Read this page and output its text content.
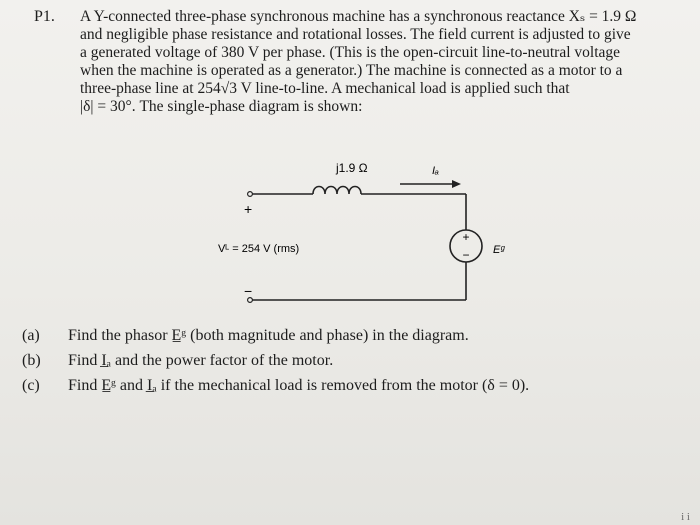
P1. A Y-connected three-phase synchronous machine has a synchronous reactance Xₛ = 1.9 Ω

and negligible phase resistance and rotational losses. The field current is adjusted to give

a generated voltage of 380 V per phase. (This is the open-circuit line-to-neutral voltage

when the machine is operated as a generator.) The machine is connected as a motor to a

three-phase line at 254√3 V line-to-line. A mechanical load is applied such that

|δ| = 30°. The single-phase diagram is shown:

+
−
j1.9 Ω	Iₐ
+
Vᴸ = 254 V (rms)
−
Eᵍ
(a)	Find the phasor E̲ᵍ (both magnitude and phase) in the diagram.
(b)	Find I̲ₐ and the power factor of the motor.
(c)	Find E̲ᵍ and I̲ₐ if the mechanical load is removed from the motor (δ = 0).
i i
